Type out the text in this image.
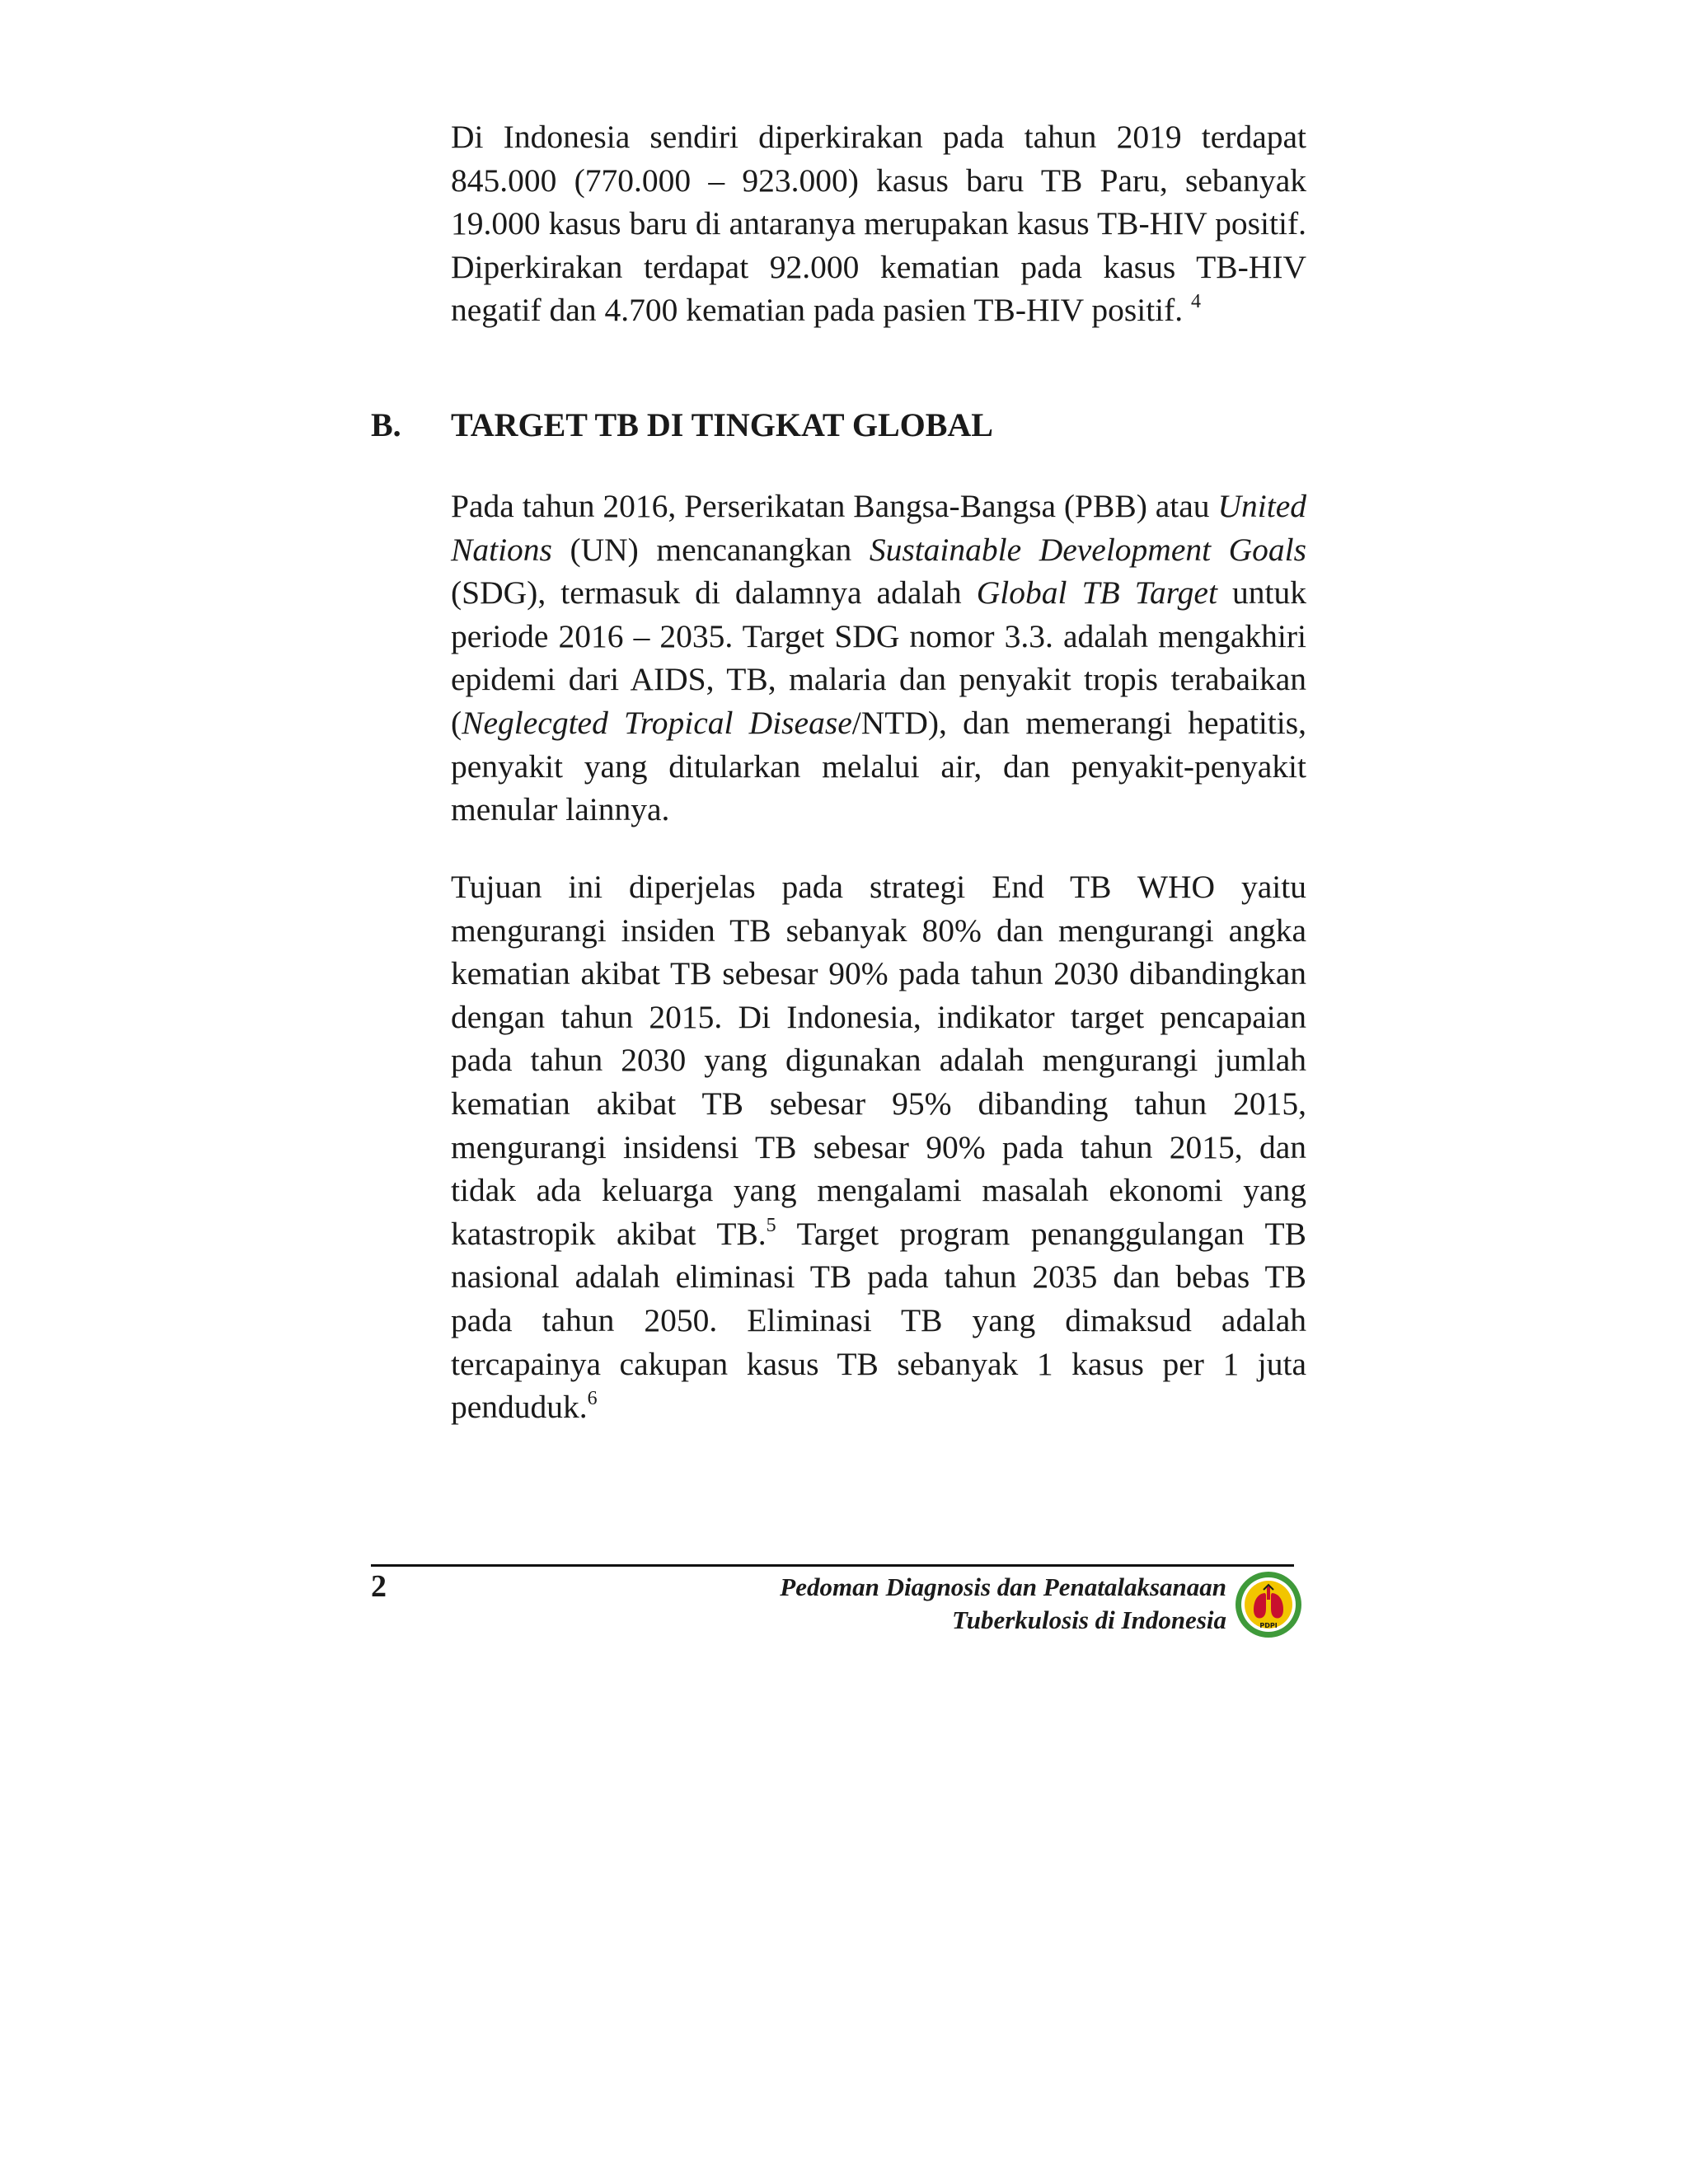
Di Indonesia sendiri diperkirakan pada tahun 2019 terdapat 845.000 (770.000 – 923.000) kasus baru TB Paru, sebanyak 19.000 kasus baru di antaranya merupakan kasus TB-HIV positif. Diperkirakan terdapat 92.000 kematian pada kasus TB-HIV negatif dan 4.700 kematian pada pasien TB-HIV positif. $^4$

B. TARGET TB DI TINGKAT GLOBAL

Pada tahun 2016, Perserikatan Bangsa-Bangsa (PBB) atau United Nations (UN) mencanangkan Sustainable Development Goals (SDG), termasuk di dalamnya adalah Global TB Target untuk periode 2016 – 2035. Target SDG nomor 3.3. adalah mengakhiri epidemi dari AIDS, TB, malaria dan penyakit tropis terabaikan (Neglecgted Tropical Disease/NTD), dan memerangi hepatitis, penyakit yang ditularkan melalui air, dan penyakit-penyakit menular lainnya.

Tujuan ini diperjelas pada strategi End TB WHO yaitu mengurangi insiden TB sebanyak 80% dan mengurangi angka kematian akibat TB sebesar 90% pada tahun 2030 dibandingkan dengan tahun 2015. Di Indonesia, indikator target pencapaian pada tahun 2030 yang digunakan adalah mengurangi jumlah kematian akibat TB sebesar 95% dibanding tahun 2015, mengurangi insidensi TB sebesar 90% pada tahun 2015, dan tidak ada keluarga yang mengalami masalah ekonomi yang katastropik akibat TB.$^5$ Target program penanggulangan TB nasional adalah eliminasi TB pada tahun 2035 dan bebas TB pada tahun 2050. Eliminasi TB yang dimaksud adalah tercapainya cakupan kasus TB sebanyak 1 kasus per 1 juta penduduk.$^6$

2	Pedoman Diagnosis dan Penatalaksanaan
Tuberkulosis di Indonesia	PDPI
